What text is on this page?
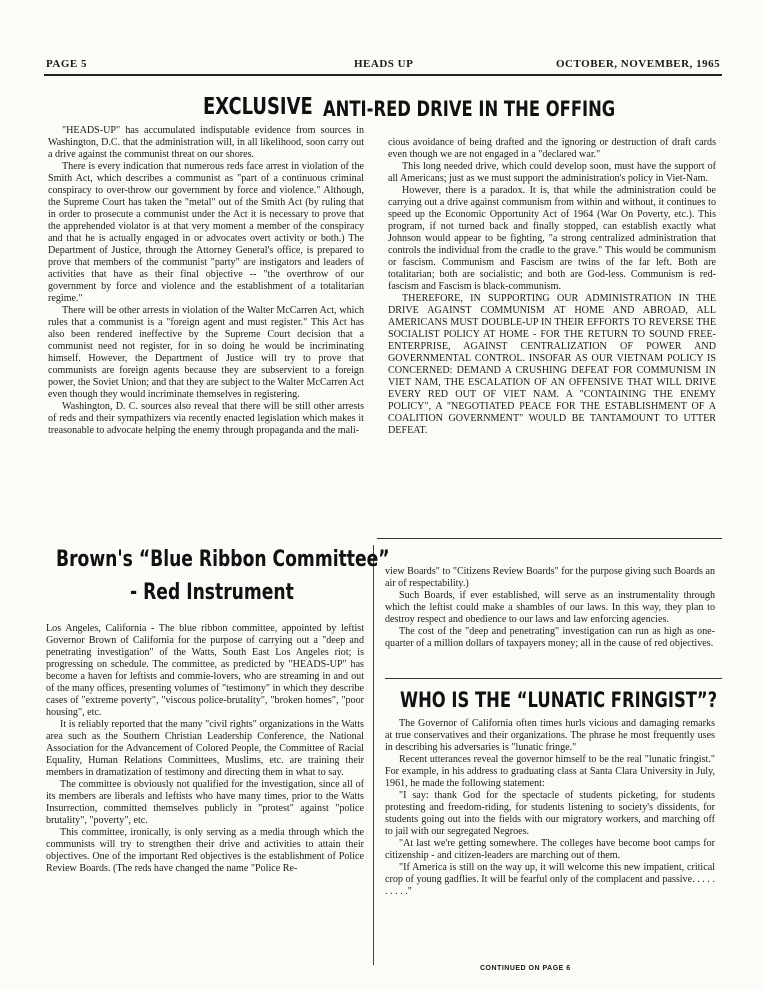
PAGE 5	HEADS UP	OCTOBER, NOVEMBER, 1965
EXCLUSIVE ANTI-RED DRIVE IN THE OFFING

"HEADS-UP" has accumulated indisputable evidence from sources in Washington, D.C. that the administration will, in all likelihood, soon carry out a drive against the communist threat on our shores.

There is every indication that numerous reds face arrest in violation of the Smith Act, which describes a communist as "part of a continuous criminal conspiracy to over-throw our government by force and violence." Although, the Supreme Court has taken the "metal" out of the Smith Act (by ruling that in order to prosecute a communist under the Act it is necessary to prove that the apprehended violator is at that very moment a member of the conspiracy and that he is actually engaged in or advocates overt activity or both.) The Department of Justice, through the Attorney General's office, is prepared to prove that members of the communist "party" are instigators and leaders of activities that have as their final objective -- "the overthrow of our government by force and violence and the establishment of a totalitarian regime."

There will be other arrests in violation of the Walter McCarren Act, which rules that a communist is a "foreign agent and must register." This Act has also been rendered ineffective by the Supreme Court decision that a communist need not register, for in so doing he would be incriminating himself. However, the Department of Justice will try to prove that communists are foreign agents because they are subservient to a foreign power, the Soviet Union; and that they are subject to the Walter McCarren Act even though they would incriminate themselves in registering.

Washington, D. C. sources also reveal that there will be still other arrests of reds and their sympathizers via recently enacted legislation which makes it treasonable to advocate helping the enemy through propaganda and the mali-

cious avoidance of being drafted and the ignoring or destruction of draft cards even though we are not engaged in a "declared war."

This long needed drive, which could develop soon, must have the support of all Americans; just as we must support the administration's policy in Viet-Nam.

However, there is a paradox. It is, that while the administration could be carrying out a drive against communism from within and without, it continues to speed up the Economic Opportunity Act of 1964 (War On Poverty, etc.). This program, if not turned back and finally stopped, can establish exactly what Johnson would appear to be fighting, "a strong centralized administration that controls the individual from the cradle to the grave." This would be communism or fascism. Communism and Fascism are twins of the far left. Both are totalitarian; both are socialistic; and both are God-less. Communism is red-fascism and Fascism is black-communism.

THEREFORE, IN SUPPORTING OUR ADMINISTRATION IN THE DRIVE AGAINST COMMUNISM AT HOME AND ABROAD, ALL AMERICANS MUST DOUBLE-UP IN THEIR EFFORTS TO REVERSE THE SOCIALIST POLICY AT HOME - FOR THE RETURN TO SOUND FREE-ENTERPRISE, AGAINST CENTRALIZATION OF POWER AND GOVERNMENTAL CONTROL. INSOFAR AS OUR VIETNAM POLICY IS CONCERNED: DEMAND A CRUSHING DEFEAT FOR COMMUNISM IN VIET NAM, THE ESCALATION OF AN OFFENSIVE THAT WILL DRIVE EVERY RED OUT OF VIET NAM. A "CONTAINING THE ENEMY POLICY", A "NEGOTIATED PEACE FOR THE ESTABLISHMENT OF A COALITION GOVERNMENT" WOULD BE TANTAMOUNT TO UTTER DEFEAT.

Brown's “Blue Ribbon Committee”
- Red Instrument

Los Angeles, California - The blue ribbon committee, appointed by leftist Governor Brown of California for the purpose of carrying out a "deep and penetrating investigation" of the Watts, South East Los Angeles riot; is progressing on schedule. The committee, as predicted by "HEADS-UP" has become a haven for leftists and commie-lovers, who are streaming in and out of the many offices, presenting volumes of "testimony" in which they describe cases of "extreme poverty", "viscous police-brutality", "broken homes", "poor housing", etc.

It is reliably reported that the many "civil rights" organizations in the Watts area such as the Southern Christian Leadership Conference, the National Association for the Advancement of Colored People, the Committee of Racial Equality, Human Relations Committees, Muslims, etc. are training their members in dramatization of testimony and directing them in what to say.

The committee is obviously not qualified for the investigation, since all of its members are liberals and leftists who have many times, prior to the Watts Insurrection, committed themselves publicly in "protest" against "police brutality", "poverty", etc.

This committee, ironically, is only serving as a media through which the communists will try to strengthen their drive and activities to attain their objectives. One of the important Red objectives is the establishment of Police Review Boards. (The reds have changed the name "Police Re-

view Boards" to "Citizens Review Boards" for the purpose giving such Boards an air of respectability.)

Such Boards, if ever established, will serve as an instrumentality through which the leftist could make a shambles of our laws. In this way, they plan to destroy respect and obedience to our laws and law enforcing agencies.

The cost of the "deep and penetrating" investigation can run as high as one-quarter of a million dollars of taxpayers money; all in the cause of red objectives.

WHO IS THE “LUNATIC FRINGIST”?

The Governor of California often times hurls vicious and damaging remarks at true conservatives and their organizations. The phrase he most frequently uses in describing his adversaries is "lunatic fringe."

Recent utterances reveal the governor himself to be the real "lunatic fringist." For example, in his address to graduating class at Santa Clara University in July, 1961, he made the following statement:

"I say: thank God for the spectacle of students picketing, for students protesting and freedom-riding, for students listening to society's dissidents, for students going out into the fields with our migratory workers, and marching off to jail with our segregated Negroes.

"At last we're getting somewhere. The colleges have become boot camps for citizenship - and citizen-leaders are marching out of them.

"If America is still on the way up, it will welcome this new impatient, critical crop of young gadflies. It will be fearful only of the complacent and passive. . . . . . . . . ."

CONTINUED ON PAGE 6
